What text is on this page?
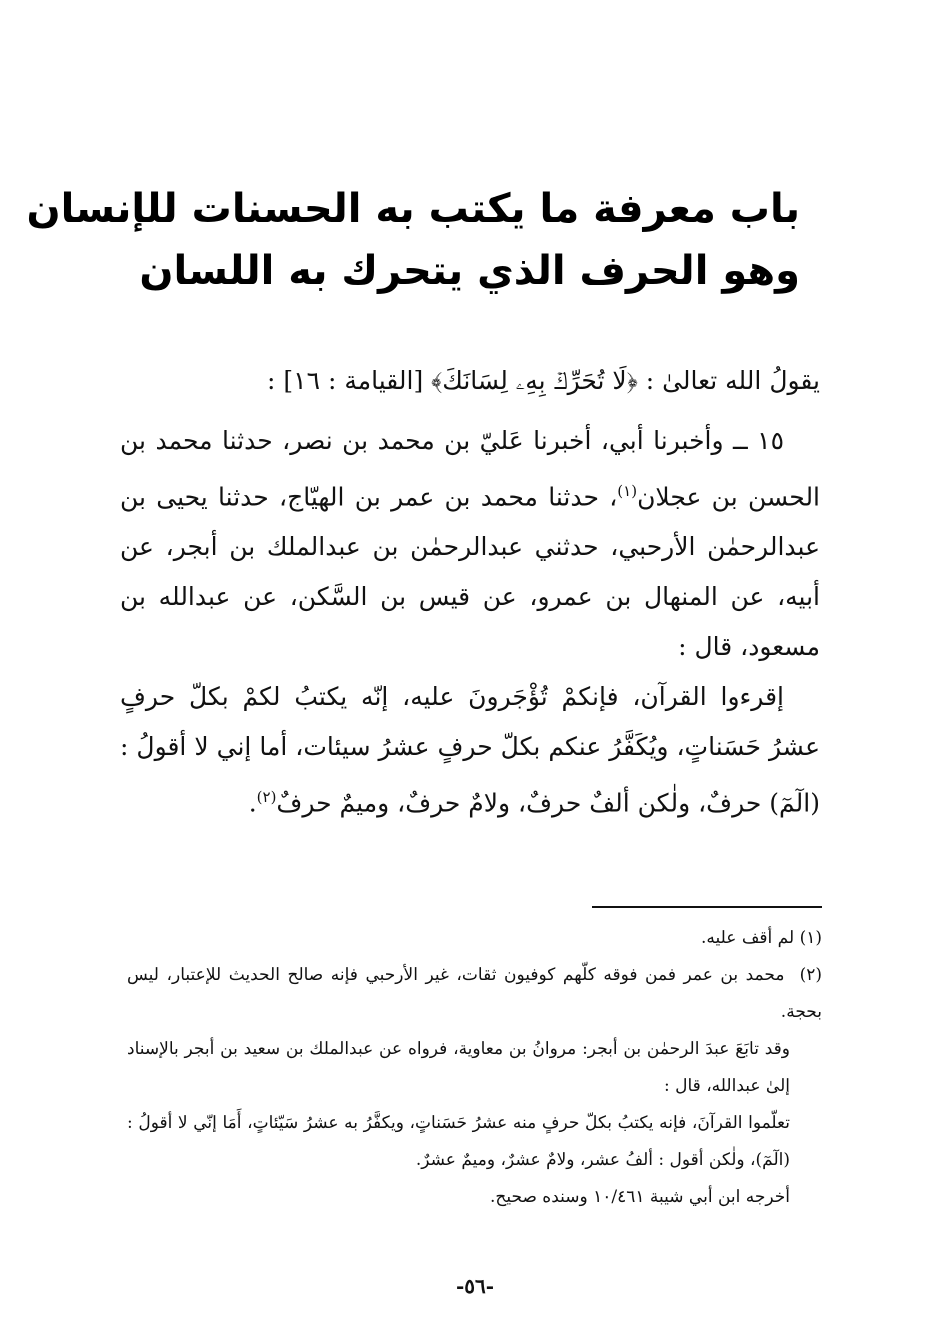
باب معرفة ما يكتب به الحسنات للإنسان
وهو الحرف الذي يتحرك به اللسان

يقولُ الله تعالىٰ : ﴿لَا تُحَرِّكۡ بِهِۦ لِسَانَكَ﴾ [القيامة : ١٦] :

١٥ ــ وأخبرنا أبي، أخبرنا عَليّ بن محمد بن نصر، حدثنا محمد بن الحسن بن عجلان$^{(١)}$، حدثنا محمد بن عمر بن الهيّاج، حدثنا يحيى بن عبدالرحمٰن الأرحبي، حدثني عبدالرحمٰن بن عبدالملك بن أبجر، عن أبيه، عن المنهال بن عمرو، عن قيس بن السَّكن، عن عبدالله بن مسعود، قال :

إقرءوا القرآن، فإنكمْ تُؤْجَرونَ عليه، إنّه يكتبُ لكمْ بكلّ حرفٍ عشرُ حَسَناتٍ، ويُكَفَّرُ عنكم بكلّ حرفٍ عشرُ سيئات، أما إني لا أقولُ : (الٓمٓ) حرفٌ، ولٰكن ألفٌ حرفٌ، ولامٌ حرفٌ، وميمٌ حرفٌ$^{(٢)}$.

(١) لم أقف عليه.

(٢)  محمد بن عمر فمن فوقه كلّهم كوفيون ثقات، غير الأرحبي فإنه صالح الحديث للإعتبار، ليس بحجة.

وقد تابَعَ عبدَ الرحمٰن بن أبجر: مروانُ بن معاوية، فرواه عن عبدالملك بن سعيد بن أبجر بالإسناد إلىٰ عبدالله، قال :

تعلّموا القرآنَ، فإنه يكتبُ بكلّ حرفٍ منه عشرُ حَسَناتٍ، ويكفَّرُ به عشرُ سَيّئاتٍ، أَمَا إنّي لا أقولُ : (الٓمٓ)، ولٰكن أقول : ألفُ عشر، ولامٌ عشرٌ، وميمٌ عشرٌ.

أخرجه ابن أبي شيبة ١٠/٤٦١ وسنده صحيح.

-٥٦-
